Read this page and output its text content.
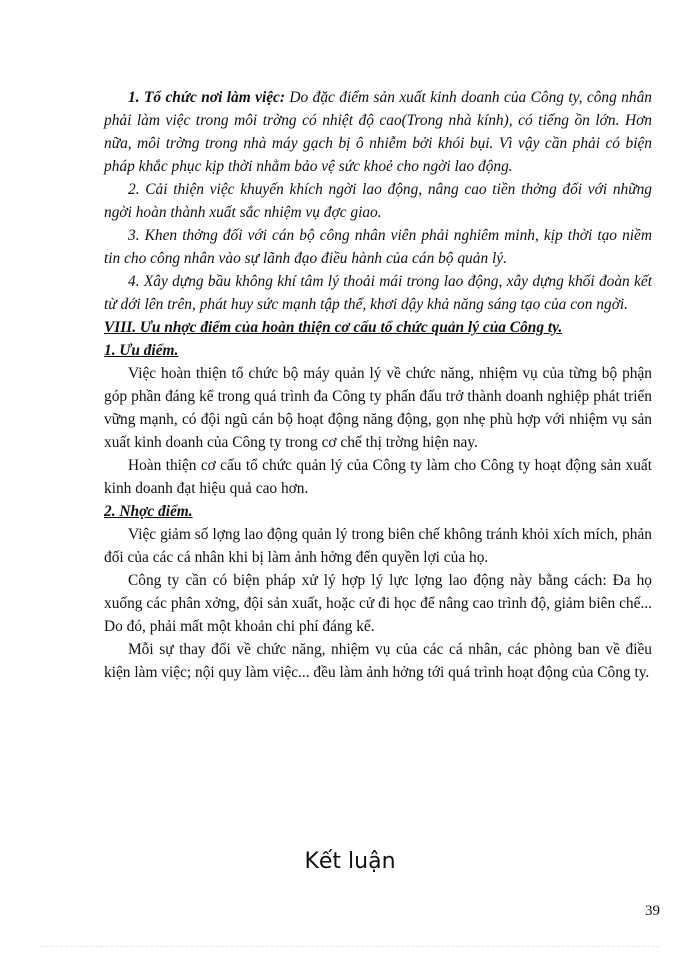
1. Tổ chức nơi làm việc: Do đặc điểm sản xuất kinh doanh của Công ty, công nhân phải làm việc trong môi trờng có nhiệt độ cao(Trong nhà kính), có tiếng ồn lớn. Hơn nữa, môi trờng trong nhà máy gạch bị ô nhiễm bởi khói bụi. Vì vậy cần phải có biện pháp khắc phục kịp thời nhằm bảo vệ sức khoẻ cho ngời lao động.

2. Cải thiện việc khuyến khích ngời lao động, nâng cao tiền thởng đối với những ngời hoàn thành xuất sắc nhiệm vụ đợc giao.

3. Khen thởng đối với cán bộ công nhân viên phải nghiêm minh, kịp thời tạo niềm tin cho công nhân vào sự lãnh đạo điều hành của cán bộ quản lý.

4. Xây dựng bầu không khí tâm lý thoải mái trong lao động, xây dựng khối đoàn kết từ dới lên trên, phát huy sức mạnh tập thể, khơi dậy khả năng sáng tạo của con ngời.

VIII. Ưu nhợc điểm của hoàn thiện cơ cấu tổ chức quản lý của Công ty.

1. Ưu điểm.

Việc hoàn thiện tổ chức bộ máy quản lý về chức năng, nhiệm vụ của từng bộ phận góp phần đáng kể trong quá trình đa Công ty phấn đấu trở thành doanh nghiệp phát triển vững mạnh, có đội ngũ cán bộ hoạt động năng động, gọn nhẹ phù hợp với nhiệm vụ sản xuất kinh doanh của Công ty trong cơ chế thị trờng hiện nay.

Hoàn thiện cơ cấu tổ chức quản lý của Công ty làm cho Công ty hoạt động sản xuất kinh doanh đạt hiệu quả cao hơn.

2. Nhợc điểm.

Việc giảm số lợng lao động quản lý trong biên chế không tránh khỏi xích mích, phản đối của các cá nhân khi bị làm ảnh hởng đến quyền lợi của họ.

Công ty cần có biện pháp xử lý hợp lý lực lợng lao động này bằng cách: Đa họ xuống các phân xởng, đội sản xuất, hoặc cử đi học để nâng cao trình độ, giảm biên chế... Do đó, phải mất một khoản chi phí đáng kể.

Mỗi sự thay đổi về chức năng, nhiệm vụ của các cá nhân, các phòng ban về điều kiện làm việc; nội quy làm việc... đều làm ảnh hởng tới quá trình hoạt động của Công ty.

Kết luận
39
